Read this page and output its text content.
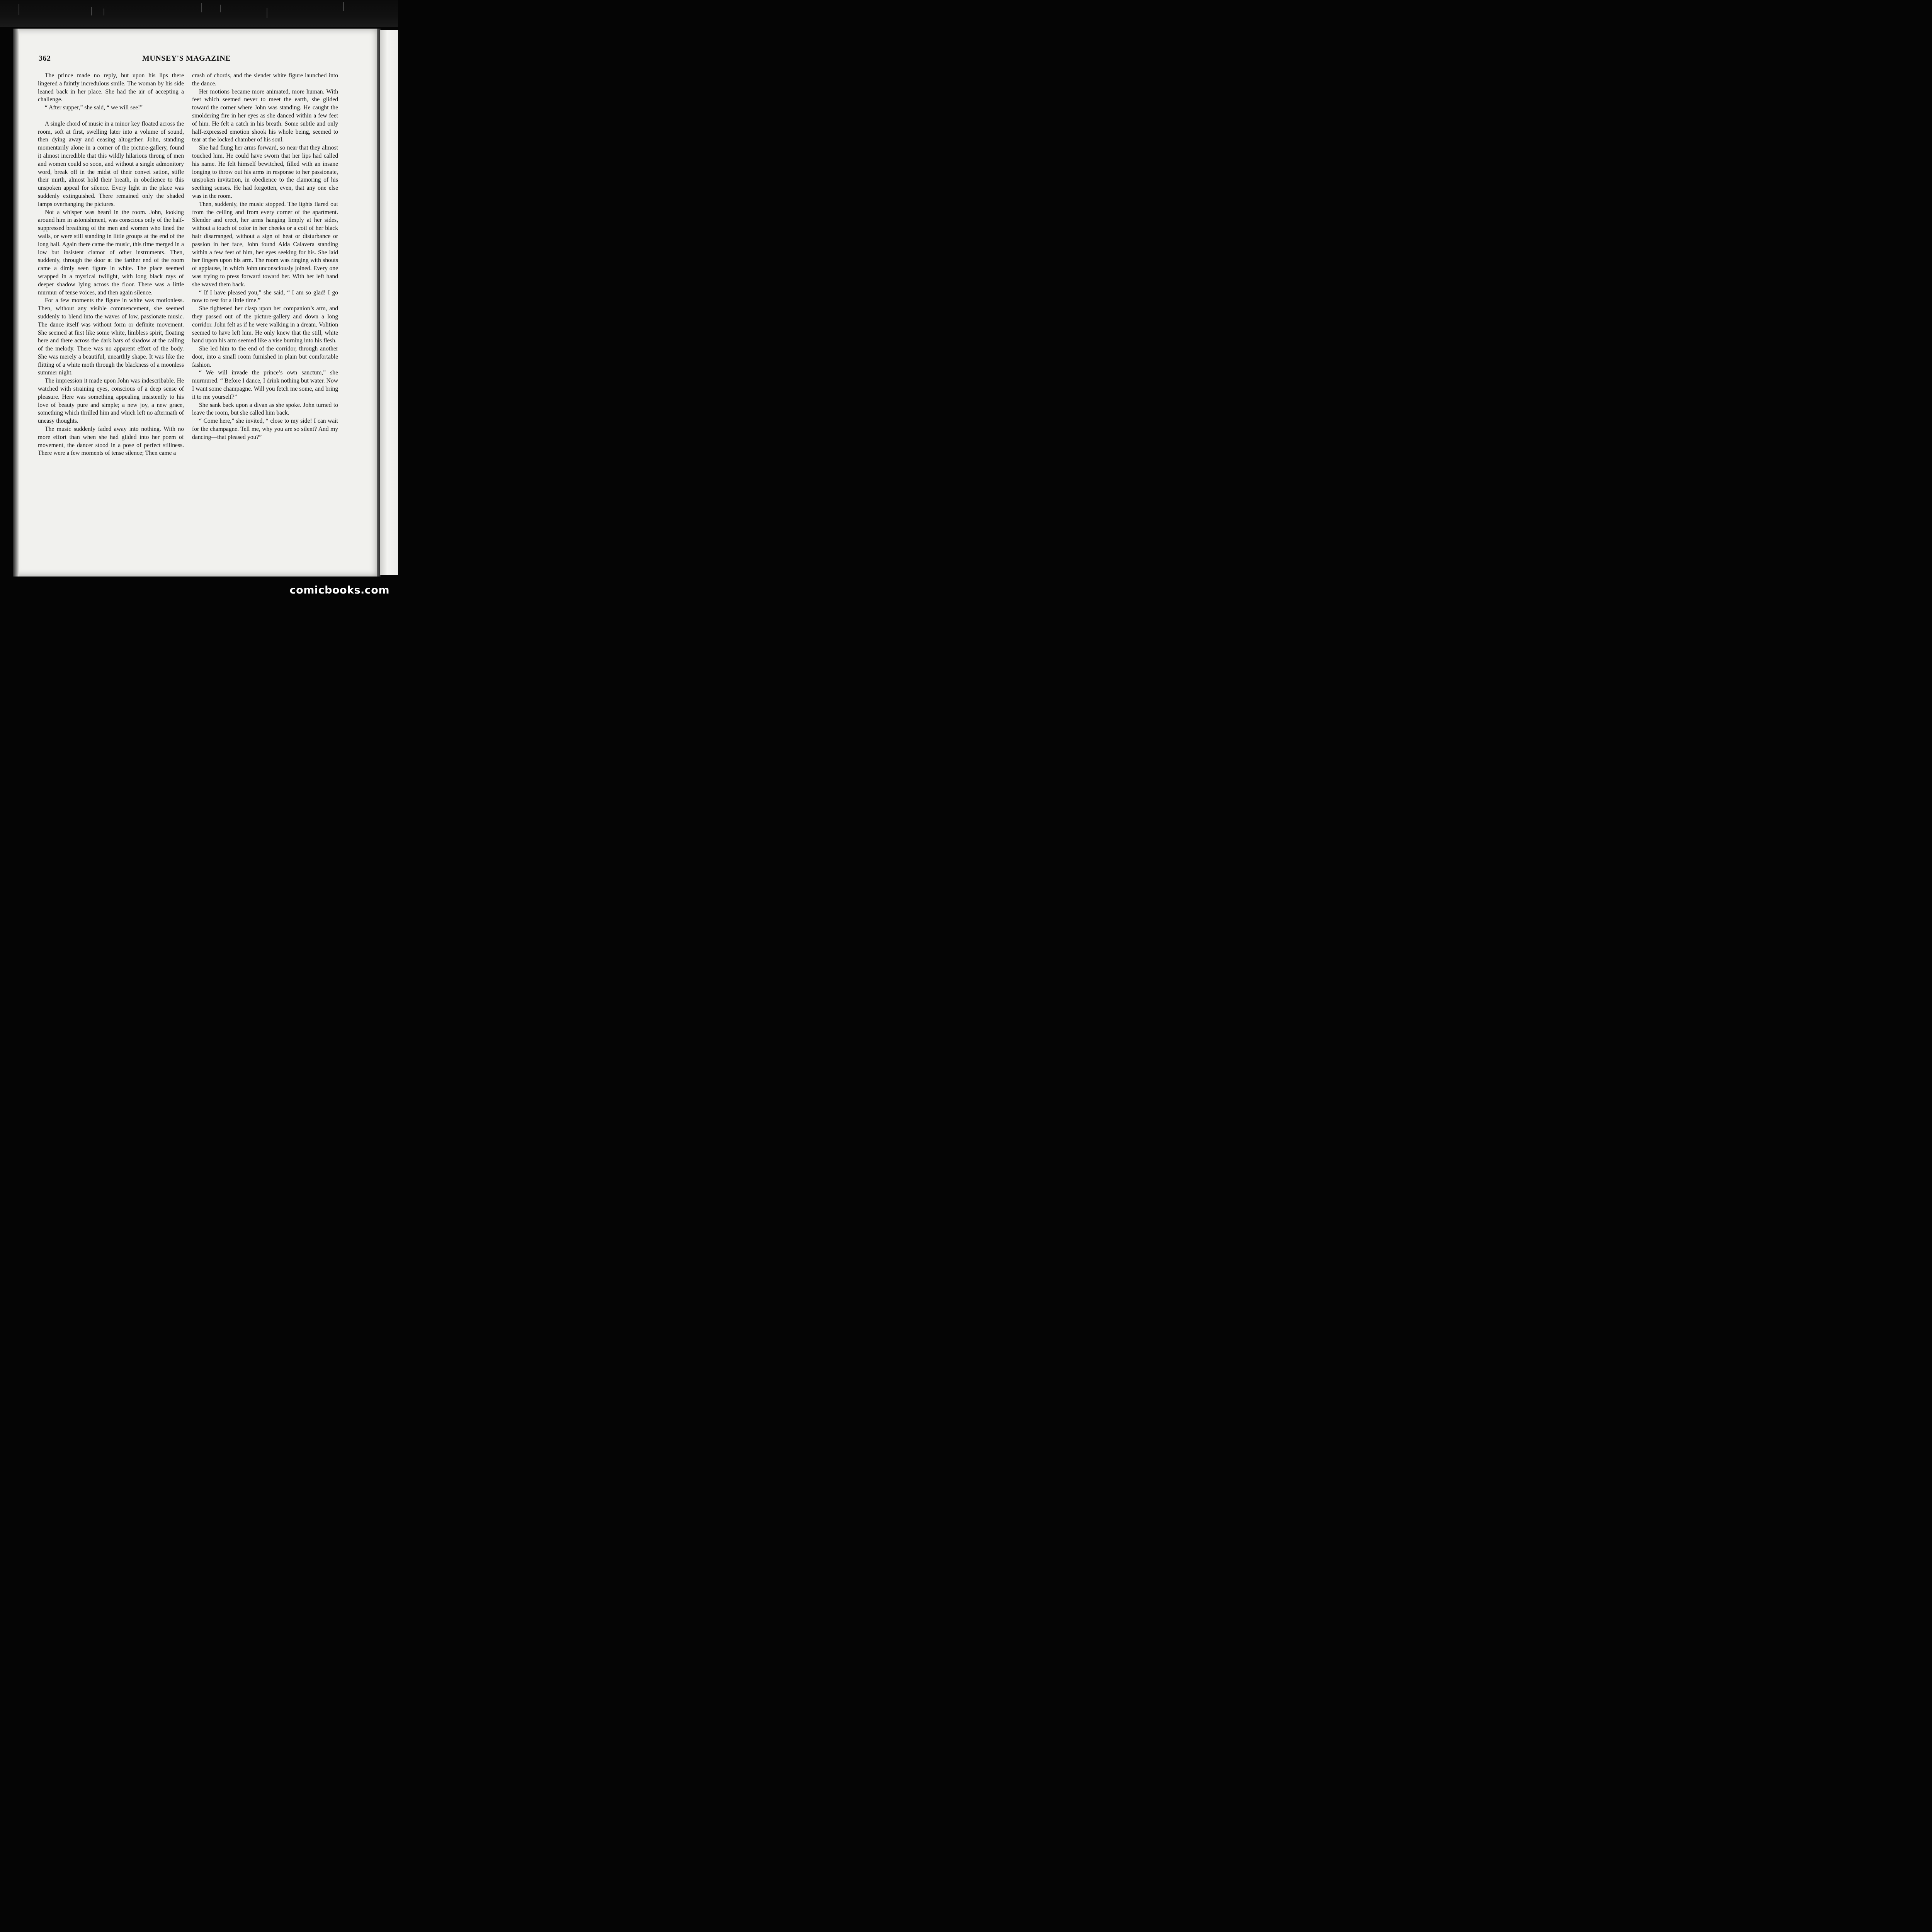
362	MUNSEY'S MAGAZINE

The prince made no reply, but upon his lips there lingered a faintly incredulous smile. The woman by his side leaned back in her place. She had the air of accepting a challenge.

“ After supper,” she said, “ we will see!”

A single chord of music in a minor key floated across the room, soft at first, swelling later into a volume of sound, then dying away and ceasing altogether. John, standing momentarily alone in a corner of the picture-gallery, found it almost incredible that this wildly hilarious throng of men and women could so soon, and without a single admonitory word, break off in the midst of their convei sation, stifle their mirth, almost hold their breath, in obedience to this unspoken appeal for silence. Every light in the place was suddenly extinguished. There remained only the shaded lamps overhanging the pictures.

Not a whisper was heard in the room. John, looking around him in astonishment, was conscious only of the half-suppressed breathing of the men and women who lined the walls, or were still standing in little groups at the end of the long hall. Again there came the music, this time merged in a low but insistent clamor of other instruments. Then, suddenly, through the door at the farther end of the room came a dimly seen figure in white. The place seemed wrapped in a mystical twilight, with long black rays of deeper shadow lying across the floor. There was a little murmur of tense voices, and then again silence.

For a few moments the figure in white was motionless. Then, without any visible commencement, she seemed suddenly to blend into the waves of low, passionate music. The dance itself was without form or definite movement. She seemed at first like some white, limbless spirit, floating here and there across the dark bars of shadow at the calling of the melody. There was no apparent effort of the body. She was merely a beautiful, unearthly shape. It was like the flitting of a white moth through the blackness of a moonless summer night.

The impression it made upon John was indescribable. He watched with straining eyes, conscious of a deep sense of pleasure. Here was something appealing insistently to his love of beauty pure and simple; a new joy, a new grace, something which thrilled him and which left no aftermath of uneasy thoughts.

The music suddenly faded away into nothing. With no more effort than when she had glided into her poem of movement, the dancer stood in a pose of perfect stillness. There were a few moments of tense silence; Then came a

crash of chords, and the slender white figure launched into the dance.

Her motions became more animated, more human. With feet which seemed never to meet the earth, she glided toward the corner where John was standing. He caught the smoldering fire in her eyes as she danced within a few feet of him. He felt a catch in his breath. Some subtle and only half-expressed emotion shook his whole being, seemed to tear at the locked chamber of his soul.

She had flung her arms forward, so near that they almost touched him. He could have sworn that her lips had called his name. He felt himself bewitched, filled with an insane longing to throw out his arms in response to her passionate, unspoken invitation, in obedience to the clamoring of his seething senses. He had forgotten, even, that any one else was in the room.

Then, suddenly, the music stopped. The lights flared out from the ceiling and from every corner of the apartment. Slender and erect, her arms hanging limply at her sides, without a touch of color in her cheeks or a coil of her black hair disarranged, without a sign of heat or disturbance or passion in her face, John found Aida Calavera standing within a few feet of him, her eyes seeking for his. She laid her fingers upon his arm. The room was ringing with shouts of applause, in which John unconsciously joined. Every one was trying to press forward toward her. With her left hand she waved them back.

“ If I have pleased you,” she said, “ I am so glad! I go now to rest for a little time.”

She tightened her clasp upon her companion’s arm, and they passed out of the picture-gallery and down a long corridor. John felt as if he were walking in a dream. Volition seemed to have left him. He only knew that the still, white hand upon his arm seemed like a vise burning into his flesh.

She led him to the end of the corridor, through another door, into a small room furnished in plain but comfortable fashion.

“ We will invade the prince’s own sanctum,” she murmured. “ Before I dance, I drink nothing but water. Now I want some champagne. Will you fetch me some, and bring it to me yourself?”

She sank back upon a divan as she spoke. John turned to leave the room, but she called him back.

“ Come here,” she invited, “ close to my side! I can wait for the champagne. Tell me, why you are so silent? And my dancing—that pleased you?”

comicbooks.com
